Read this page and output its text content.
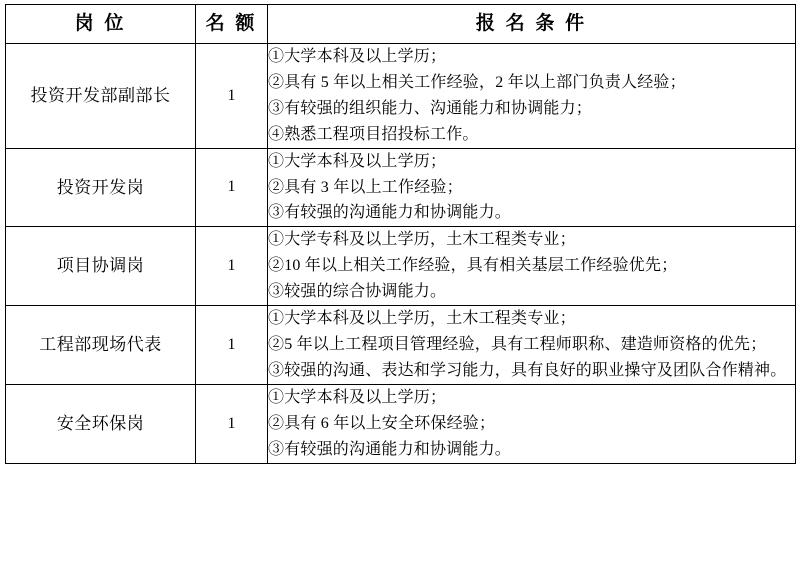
岗 位	名 额	报 名 条 件
投资开发部副部长	1	①大学本科及以上学历；
②具有 5 年以上相关工作经验，2 年以上部门负责人经验；
③有较强的组织能力、沟通能力和协调能力；
④熟悉工程项目招投标工作。

投资开发岗	1	①大学本科及以上学历；
②具有 3 年以上工作经验；
③有较强的沟通能力和协调能力。

项目协调岗	1	①大学专科及以上学历，土木工程类专业；
②10 年以上相关工作经验，具有相关基层工作经验优先；
③较强的综合协调能力。

工程部现场代表	1	①大学本科及以上学历，土木工程类专业；
②5 年以上工程项目管理经验，具有工程师职称、建造师资格的优先；
③较强的沟通、表达和学习能力，具有良好的职业操守及团队合作精神。

安全环保岗	1	①大学本科及以上学历；
②具有 6 年以上安全环保经验；
③有较强的沟通能力和协调能力。
